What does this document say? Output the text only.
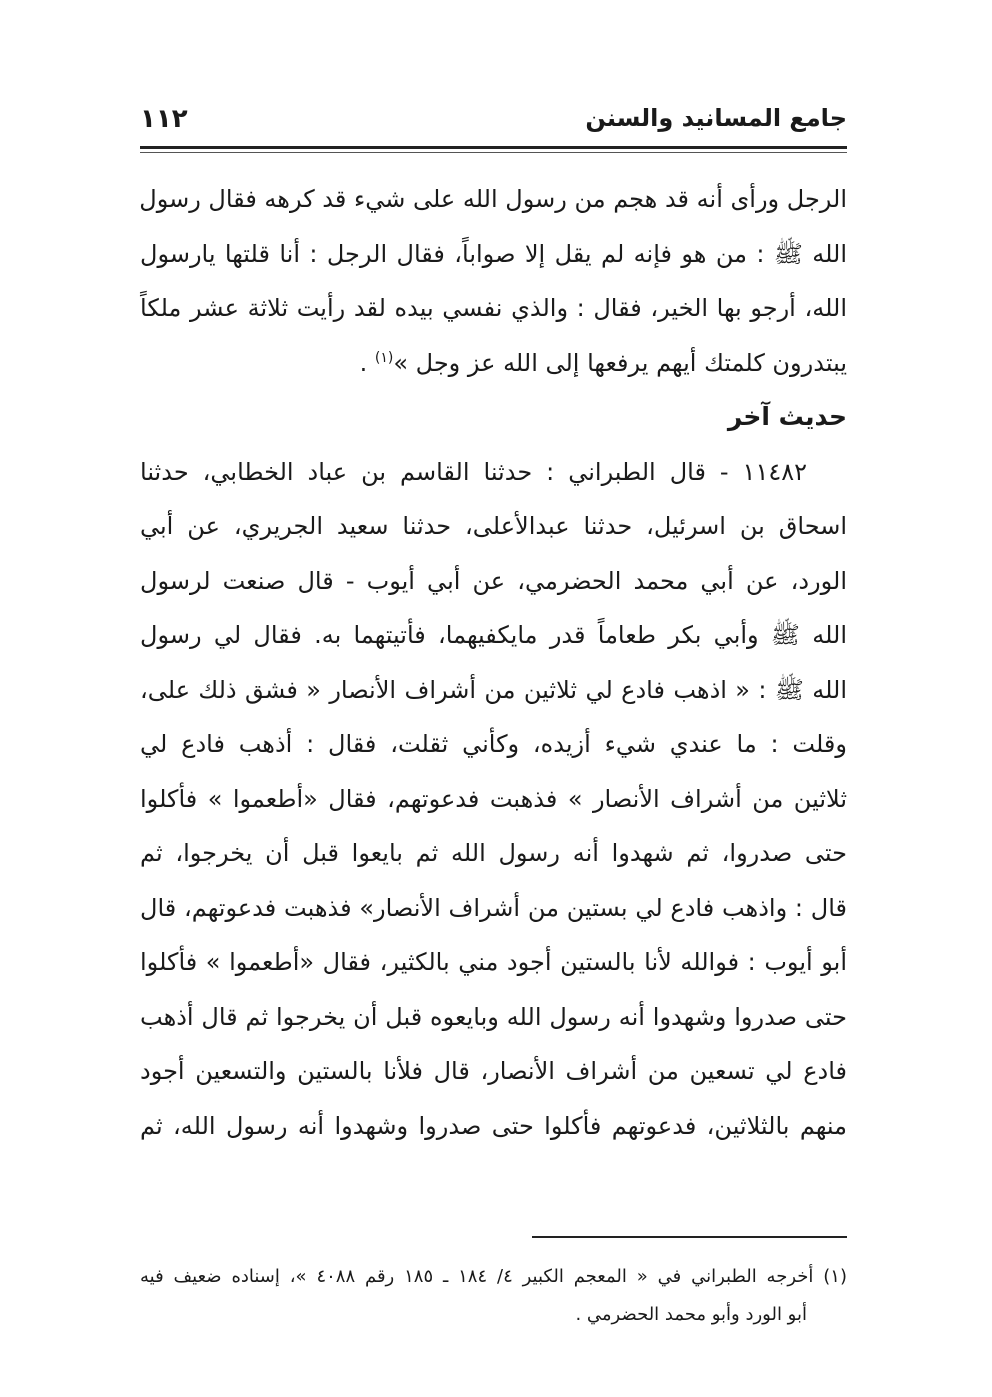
جامع المسانيد والسنن
١١٢
الرجل ورأى أنه قد هجم من رسول الله على شيء قد كرهه فقال رسول
الله ﷺ : من هو فإنه لم يقل إلا صواباً، فقال الرجل : أنا قلتها يارسول
الله، أرجو بها الخير، فقال : والذي نفسي بيده لقد رأيت ثلاثة عشر ملكاً
يبتدرون كلمتك أيهم يرفعها إلى الله عز وجل »$^{(١)}$ .
حديث آخر
١١٤٨٢ - قال الطبراني : حدثنا القاسم بن عباد الخطابي، حدثنا
اسحاق بن اسرئيل، حدثنا عبدالأعلى، حدثنا سعيد الجريري، عن أبي
الورد، عن أبي محمد الحضرمي، عن أبي أيوب - قال صنعت لرسول
الله ﷺ وأبي بكر طعاماً قدر مايكفيهما، فأتيتهما به. فقال لي رسول
الله ﷺ : « اذهب فادع لي ثلاثين من أشراف الأنصار « فشق ذلك على،
وقلت : ما عندي شيء أزيده، وكأني ثقلت، فقال : أذهب فادع لي
ثلاثين من أشراف الأنصار » فذهبت فدعوتهم، فقال «أطعموا » فأكلوا
حتى صدروا، ثم شهدوا أنه رسول الله ثم بايعوا قبل أن يخرجوا، ثم
قال : واذهب فادع لي بستين من أشراف الأنصار» فذهبت فدعوتهم، قال
أبو أيوب : فوالله لأنا بالستين أجود مني بالكثير، فقال «أطعموا » فأكلوا
حتى صدروا وشهدوا أنه رسول الله وبايعوه قبل أن يخرجوا ثم قال أذهب
فادع لي تسعين من أشراف الأنصار، قال فلأنا بالستين والتسعين أجود
منهم بالثلاثين، فدعوتهم فأكلوا حتى صدروا وشهدوا أنه رسول الله، ثم
(١) أخرجه الطبراني في « المعجم الكبير ٤/ ١٨٤ ـ ١٨٥ رقم ٤٠٨٨ »، إسناده ضعيف فيه
أبو الورد وأبو محمد الحضرمي .
